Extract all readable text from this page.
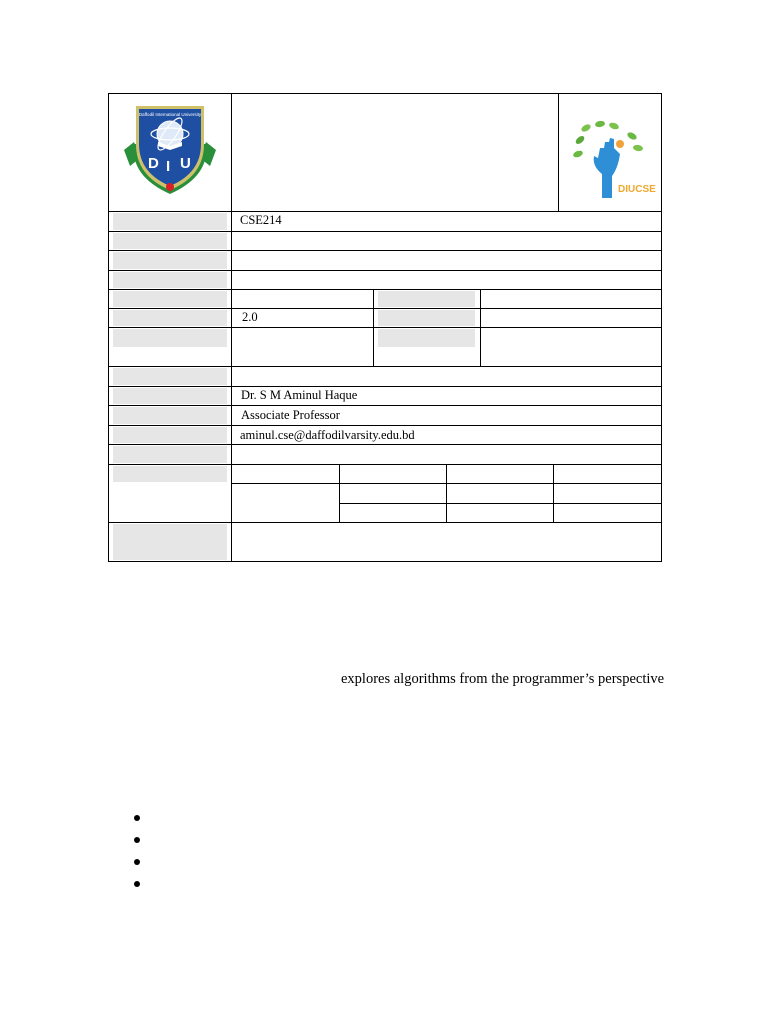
Daffodil International University
D I U
DIUCSE
CSE214
2.0
Dr. S M Aminul Haque
Associate Professor
aminul.cse@daffodilvarsity.edu.bd
explores algorithms from the programmer’s perspective
